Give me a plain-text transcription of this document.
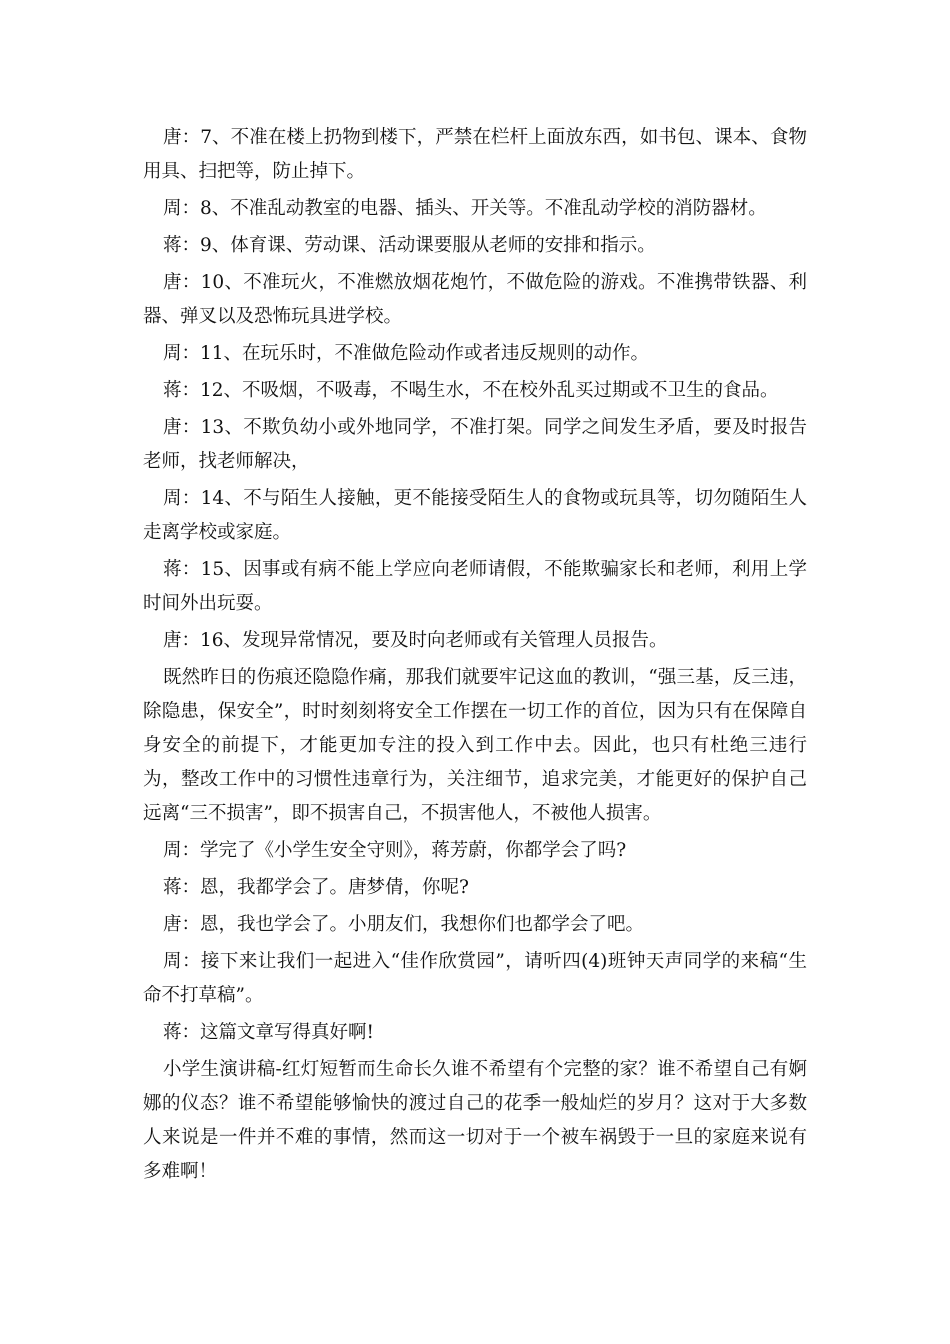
唐：7、不准在楼上扔物到楼下，严禁在栏杆上面放东西，如书包、课本、食物用具、扫把等，防止掉下。

周：8、不准乱动教室的电器、插头、开关等。不准乱动学校的消防器材。

蒋：9、体育课、劳动课、活动课要服从老师的安排和指示。

唐：10、不准玩火，不准燃放烟花炮竹，不做危险的游戏。不准携带铁器、利器、弹叉以及恐怖玩具进学校。

周：11、在玩乐时，不准做危险动作或者违反规则的动作。

蒋：12、不吸烟，不吸毒，不喝生水，不在校外乱买过期或不卫生的食品。

唐：13、不欺负幼小或外地同学，不准打架。同学之间发生矛盾，要及时报告老师，找老师解决，

周：14、不与陌生人接触，更不能接受陌生人的食物或玩具等，切勿随陌生人走离学校或家庭。

蒋：15、因事或有病不能上学应向老师请假，不能欺骗家长和老师，利用上学时间外出玩耍。

唐：16、发现异常情况，要及时向老师或有关管理人员报告。

既然昨日的伤痕还隐隐作痛，那我们就要牢记这血的教训，“强三基，反三违，除隐患，保安全”，时时刻刻将安全工作摆在一切工作的首位，因为只有在保障自身安全的前提下，才能更加专注的投入到工作中去。因此，也只有杜绝三违行为，整改工作中的习惯性违章行为，关注细节，追求完美，才能更好的保护自己远离“三不损害”，即不损害自己，不损害他人，不被他人损害。

周：学完了《小学生安全守则》，蒋芳蔚，你都学会了吗?

蒋：恩，我都学会了。唐梦倩，你呢?

唐：恩，我也学会了。小朋友们，我想你们也都学会了吧。

周：接下来让我们一起进入“佳作欣赏园”，请听四(4)班钟天声同学的来稿“生命不打草稿”。

蒋：这篇文章写得真好啊!

小学生演讲稿-红灯短暂而生命长久谁不希望有个完整的家？谁不希望自己有婀娜的仪态？谁不希望能够愉快的渡过自己的花季一般灿烂的岁月？这对于大多数人来说是一件并不难的事情，然而这一切对于一个被车祸毁于一旦的家庭来说有多难啊！
